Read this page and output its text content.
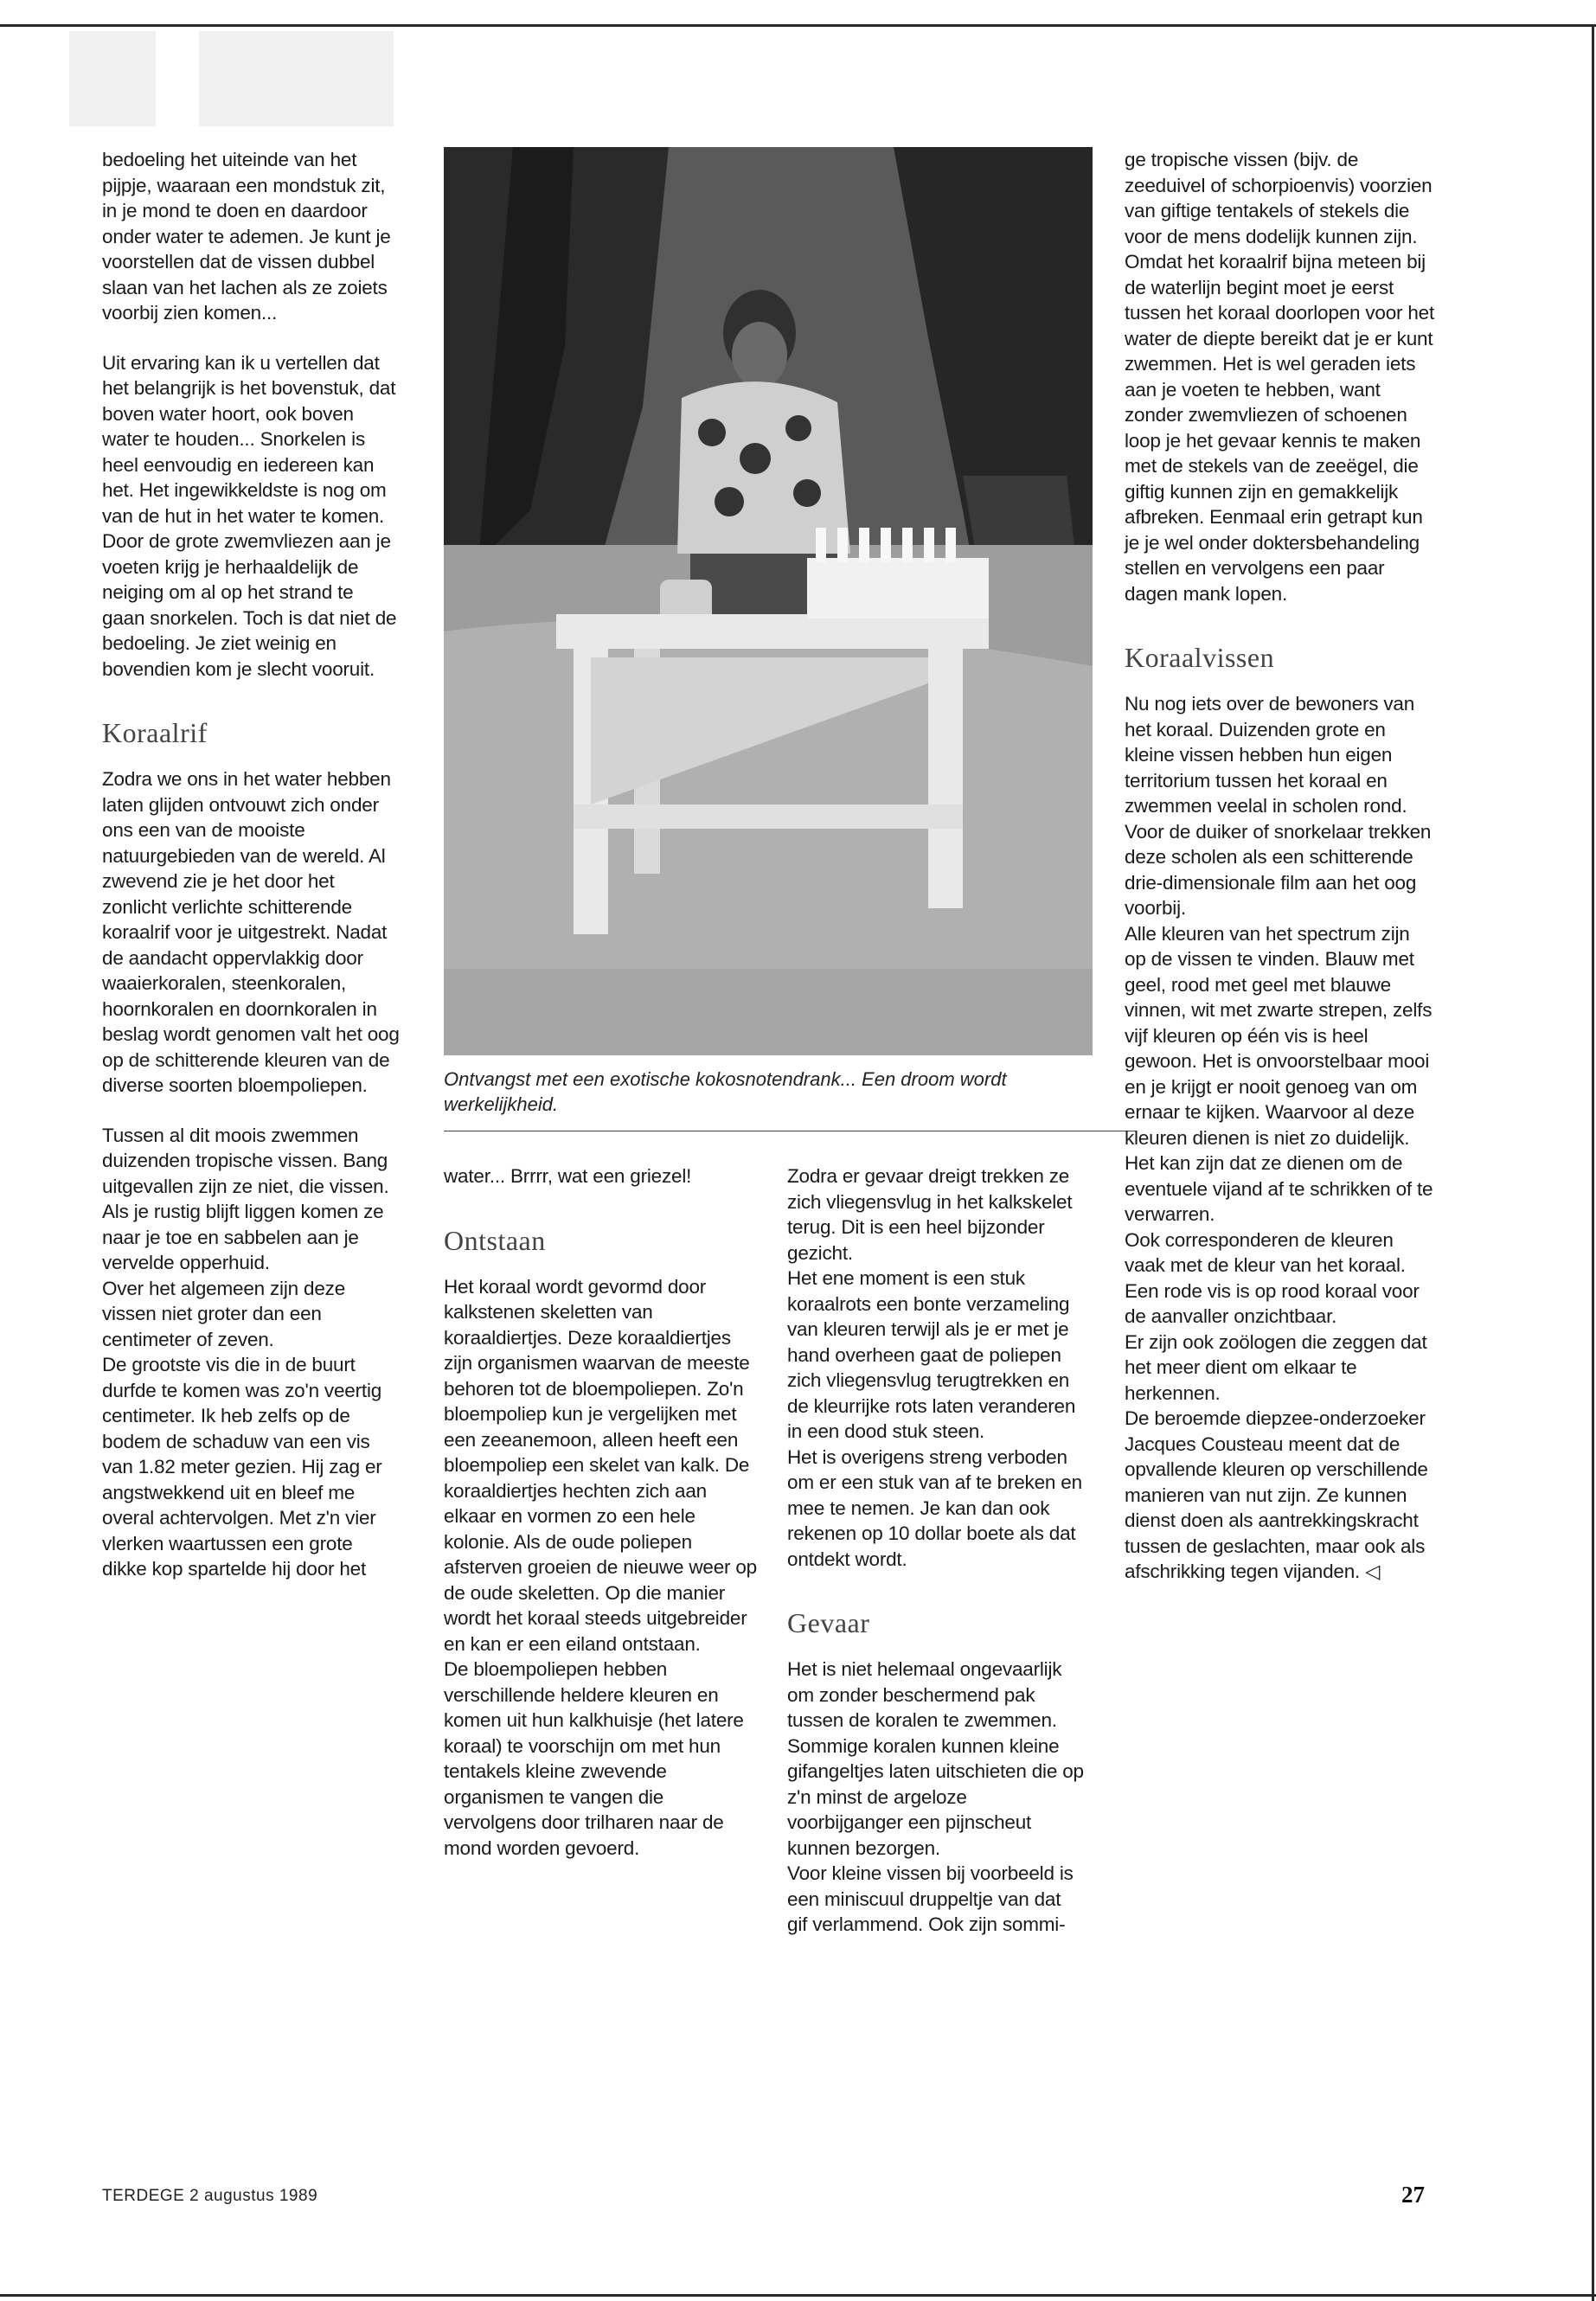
bedoeling het uiteinde van het pijpje, waaraan een mondstuk zit, in je mond te doen en daardoor onder water te ademen. Je kunt je voorstellen dat de vissen dubbel slaan van het lachen als ze zoiets voorbij zien komen...

Uit ervaring kan ik u vertellen dat het belangrijk is het bovenstuk, dat boven water hoort, ook boven water te houden... Snorkelen is heel eenvoudig en iedereen kan het. Het ingewikkeldste is nog om van de hut in het water te komen. Door de grote zwemvliezen aan je voeten krijg je herhaaldelijk de neiging om al op het strand te gaan snorkelen. Toch is dat niet de bedoeling. Je ziet weinig en bovendien kom je slecht vooruit.

Koraalrif

Zodra we ons in het water hebben laten glijden ontvouwt zich onder ons een van de mooiste natuurgebieden van de wereld. Al zwevend zie je het door het zonlicht verlichte schitterende koraalrif voor je uitgestrekt. Nadat de aandacht oppervlakkig door waaierkoralen, steenkoralen, hoornkoralen en doornkoralen in beslag wordt genomen valt het oog op de schitterende kleuren van de diverse soorten bloempoliepen.

Tussen al dit moois zwemmen duizenden tropische vissen. Bang uitgevallen zijn ze niet, die vissen. Als je rustig blijft liggen komen ze naar je toe en sabbelen aan je vervelde opperhuid.

Over het algemeen zijn deze vissen niet groter dan een centimeter of zeven.

De grootste vis die in de buurt durfde te komen was zo'n veertig centimeter. Ik heb zelfs op de bodem de schaduw van een vis van 1.82 meter gezien. Hij zag er angstwekkend uit en bleef me overal achtervolgen. Met z'n vier vlerken waartussen een grote dikke kop spartelde hij door het

Ontvangst met een exotische kokosnotendrank... Een droom wordt werkelijkheid.

water... Brrrr, wat een griezel!

Ontstaan

Het koraal wordt gevormd door kalkstenen skeletten van koraaldiertjes. Deze koraaldiertjes zijn organismen waarvan de meeste behoren tot de bloempoliepen. Zo'n bloempoliep kun je vergelijken met een zeeanemoon, alleen heeft een bloempoliep een skelet van kalk. De koraaldiertjes hechten zich aan elkaar en vormen zo een hele kolonie. Als de oude poliepen afsterven groeien de nieuwe weer op de oude skeletten. Op die manier wordt het koraal steeds uitgebreider en kan er een eiland ontstaan.

De bloempoliepen hebben verschillende heldere kleuren en komen uit hun kalkhuisje (het latere koraal) te voorschijn om met hun tentakels kleine zwevende organismen te vangen die vervolgens door trilharen naar de mond worden gevoerd.

Zodra er gevaar dreigt trekken ze zich vliegensvlug in het kalkskelet terug. Dit is een heel bijzonder gezicht.

Het ene moment is een stuk koraalrots een bonte verzameling van kleuren terwijl als je er met je hand overheen gaat de poliepen zich vliegensvlug terugtrekken en de kleurrijke rots laten veranderen in een dood stuk steen.

Het is overigens streng verboden om er een stuk van af te breken en mee te nemen. Je kan dan ook rekenen op 10 dollar boete als dat ontdekt wordt.

Gevaar

Het is niet helemaal ongevaarlijk om zonder beschermend pak tussen de koralen te zwemmen. Sommige koralen kunnen kleine gifangeltjes laten uitschieten die op z'n minst de argeloze voorbijganger een pijnscheut kunnen bezorgen.

Voor kleine vissen bij voorbeeld is een miniscuul druppeltje van dat gif verlammend. Ook zijn sommi-

ge tropische vissen (bijv. de zeeduivel of schorpioenvis) voorzien van giftige tentakels of stekels die voor de mens dodelijk kunnen zijn. Omdat het koraalrif bijna meteen bij de waterlijn begint moet je eerst tussen het koraal doorlopen voor het water de diepte bereikt dat je er kunt zwemmen. Het is wel geraden iets aan je voeten te hebben, want zonder zwemvliezen of schoenen loop je het gevaar kennis te maken met de stekels van de zeeëgel, die giftig kunnen zijn en gemakkelijk afbreken. Eenmaal erin getrapt kun je je wel onder doktersbehandeling stellen en vervolgens een paar dagen mank lopen.

Koraalvissen

Nu nog iets over de bewoners van het koraal. Duizenden grote en kleine vissen hebben hun eigen territorium tussen het koraal en zwemmen veelal in scholen rond. Voor de duiker of snorkelaar trekken deze scholen als een schitterende drie-dimensionale film aan het oog voorbij.

Alle kleuren van het spectrum zijn op de vissen te vinden. Blauw met geel, rood met geel met blauwe vinnen, wit met zwarte strepen, zelfs vijf kleuren op één vis is heel gewoon. Het is onvoorstelbaar mooi en je krijgt er nooit genoeg van om ernaar te kijken. Waarvoor al deze kleuren dienen is niet zo duidelijk. Het kan zijn dat ze dienen om de eventuele vijand af te schrikken of te verwarren.

Ook corresponderen de kleuren vaak met de kleur van het koraal. Een rode vis is op rood koraal voor de aanvaller onzichtbaar.

Er zijn ook zoölogen die zeggen dat het meer dient om elkaar te herkennen.

De beroemde diepzee-onderzoeker Jacques Cousteau meent dat de opvallende kleuren op verschillende manieren van nut zijn. Ze kunnen dienst doen als aantrekkingskracht tussen de geslachten, maar ook als afschrikking tegen vijanden. ◁

TERDEGE 2 augustus 1989	27
